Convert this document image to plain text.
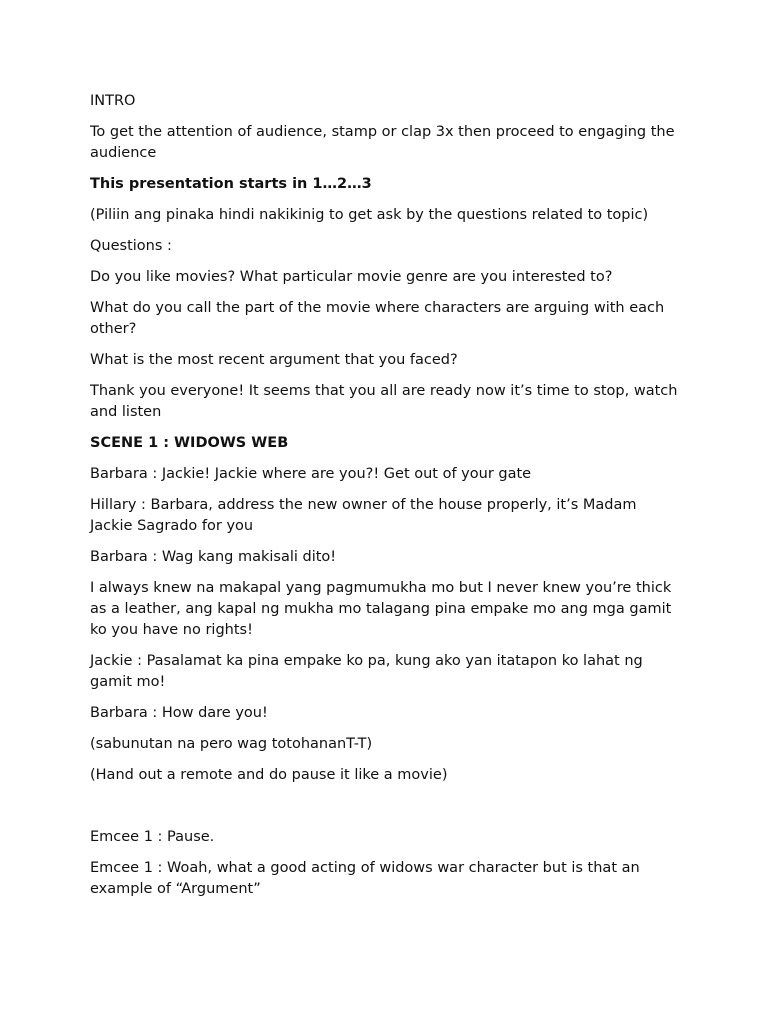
INTRO

To get the attention of audience, stamp or clap 3x then proceed to engaging the audience

This presentation starts in 1…2…3

(Piliin ang pinaka hindi nakikinig to get ask by the questions related to topic)

Questions :

Do you like movies? What particular movie genre are you interested to?

What do you call the part of the movie where characters are arguing with each other?

What is the most recent argument that you faced?

Thank you everyone! It seems that you all are ready now it’s time to stop, watch and listen

SCENE 1 : WIDOWS WEB

Barbara : Jackie! Jackie where are you?! Get out of your gate

Hillary : Barbara, address the new owner of the house properly, it’s Madam Jackie Sagrado for you

Barbara : Wag kang makisali dito!

I always knew na makapal yang pagmumukha mo but I never knew you’re thick as a leather, ang kapal ng mukha mo talagang pina empake mo ang mga gamit ko you have no rights!

Jackie : Pasalamat ka pina empake ko pa, kung ako yan itatapon ko lahat ng gamit mo!

Barbara : How dare you!

(sabunutan na pero wag totohananT-T)

(Hand out a remote and do pause it like a movie)

Emcee 1 : Pause.

Emcee 1 : Woah, what a good acting of widows war character but is that an example of “Argument”
